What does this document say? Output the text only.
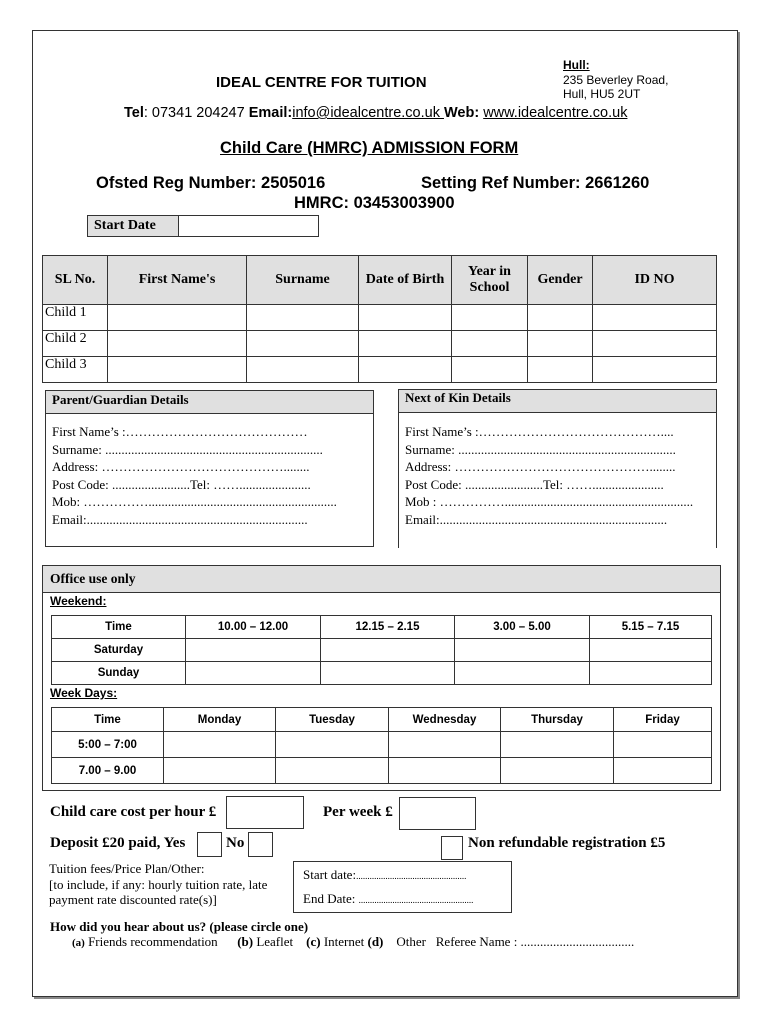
IDEAL CENTRE FOR TUITION
Hull:
235 Beverley Road,
Hull, HU5 2UT
Tel: 07341 204247 Email:info@idealcentre.co.uk Web: www.idealcentre.co.uk
Child Care (HMRC) ADMISSION FORM
Ofsted Reg Number: 2505016	Setting Ref Number: 2661260
HMRC: 03453003900
Start Date
SL No.	First Name's	Surname	Date of Birth	Year in School	Gender	ID NO
Child 1						
Child 2						
Child 3						
Parent/Guardian Details
First Name’s :……………………………………
Surname: ...................................................................
Address: ……………………………………........
Post Code: ........................Tel: ……......................
Mob: ……………..........................................................
Email:....................................................................
Next of Kin Details
First Name’s :……………………………………....
Surname: ...................................................................
Address: ………………………………………........
Post Code: ........................Tel: ……......................
Mob : ……………..........................................................
Email:......................................................................
Office use only
Weekend:
Time	10.00 – 12.00	12.15 – 2.15	3.00 – 5.00	5.15 – 7.15
Saturday				
Sunday				
Week Days:
Time	Monday	Tuesday	Wednesday	Thursday	Friday
5:00 – 7:00					
7.00 – 9.00					
Child care cost per hour £	Per week £
Deposit £20 paid, Yes	No	Non refundable registration £5
Tuition fees/Price Plan/Other:
[to include, if any: hourly tuition rate, late
payment rate discounted rate(s)]
Start date:.................................................
End Date: ...................................................
How did you hear about us? (please circle one)
(a) Friends recommendation (b) Leaflet (c) Internet (d) Other Referee Name : ...................................
